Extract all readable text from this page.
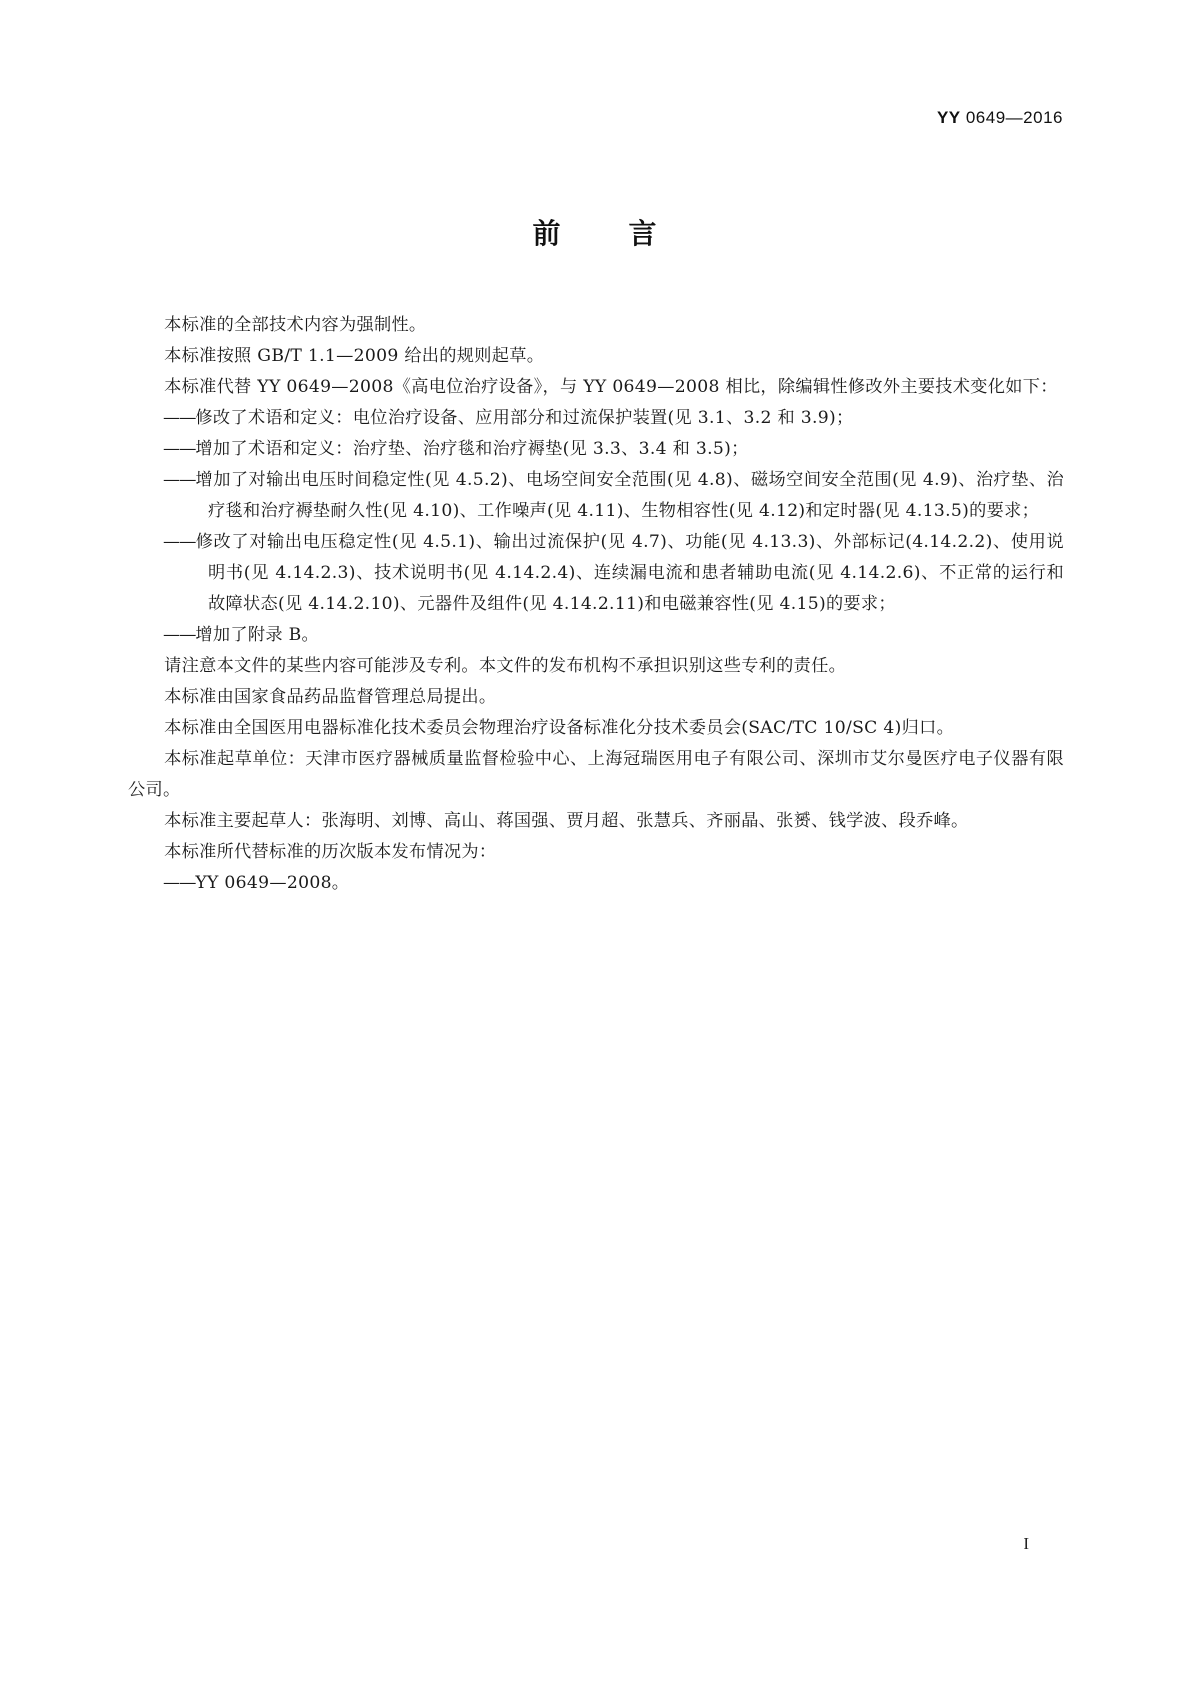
YY 0649—2016
前 言

本标准的全部技术内容为强制性。

本标准按照 GB/T 1.1—2009 给出的规则起草。

本标准代替 YY 0649—2008《高电位治疗设备》，与 YY 0649—2008 相比，除编辑性修改外主要技术变化如下：

——修改了术语和定义：电位治疗设备、应用部分和过流保护装置(见 3.1、3.2 和 3.9)；

——增加了术语和定义：治疗垫、治疗毯和治疗褥垫(见 3.3、3.4 和 3.5)；

——增加了对输出电压时间稳定性(见 4.5.2)、电场空间安全范围(见 4.8)、磁场空间安全范围(见 4.9)、治疗垫、治疗毯和治疗褥垫耐久性(见 4.10)、工作噪声(见 4.11)、生物相容性(见 4.12)和定时器(见 4.13.5)的要求；

——修改了对输出电压稳定性(见 4.5.1)、输出过流保护(见 4.7)、功能(见 4.13.3)、外部标记(4.14.2.2)、使用说明书(见 4.14.2.3)、技术说明书(见 4.14.2.4)、连续漏电流和患者辅助电流(见 4.14.2.6)、不正常的运行和故障状态(见 4.14.2.10)、元器件及组件(见 4.14.2.11)和电磁兼容性(见 4.15)的要求；

——增加了附录 B。

请注意本文件的某些内容可能涉及专利。本文件的发布机构不承担识别这些专利的责任。

本标准由国家食品药品监督管理总局提出。

本标准由全国医用电器标准化技术委员会物理治疗设备标准化分技术委员会(SAC/TC 10/SC 4)归口。

本标准起草单位：天津市医疗器械质量监督检验中心、上海冠瑞医用电子有限公司、深圳市艾尔曼医疗电子仪器有限公司。

本标准主要起草人：张海明、刘博、高山、蒋国强、贾月超、张慧兵、齐丽晶、张赟、钱学波、段乔峰。

本标准所代替标准的历次版本发布情况为：

——YY 0649—2008。

I
